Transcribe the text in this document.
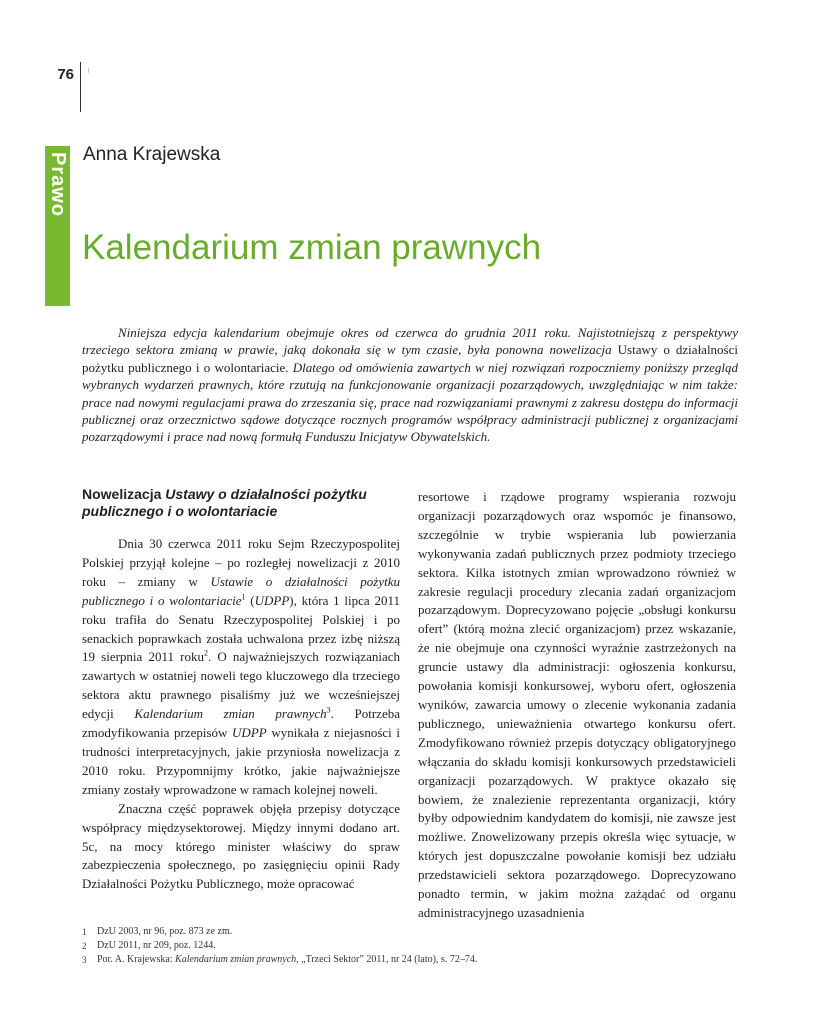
76
Prawo Anna Krajewska
Kalendarium zmian prawnych

Niniejsza edycja kalendarium obejmuje okres od czerwca do grudnia 2011 roku. Najistotniejszą z perspektywy trzeciego sektora zmianą w prawie, jaką dokonała się w tym czasie, była ponowna nowelizacja Ustawy o działalności pożytku publicznego i o wolontariacie. Dlatego od omówienia zawartych w niej rozwiązań rozpoczniemy poniższy przegląd wybranych wydarzeń prawnych, które rzutują na funkcjonowanie organizacji pozarządowych, uwzględniając w nim także: prace nad nowymi regulacjami prawa do zrzeszania się, prace nad rozwiązaniami prawnymi z zakresu dostępu do informacji publicznej oraz orzecznictwo sądowe dotyczące rocznych programów współpracy administracji publicznej z organizacjami pozarządowymi i prace nad nową formułą Funduszu Inicjatyw Obywatelskich.

Nowelizacja Ustawy o działalności pożytku publicznego i o wolontariacie

Dnia 30 czerwca 2011 roku Sejm Rzeczypospolitej Polskiej przyjął kolejne – po rozległej nowelizacji z 2010 roku – zmiany w Ustawie o działalności pożytku publicznego i o wolontariacie$^1$ (UDPP), która 1 lipca 2011 roku trafiła do Senatu Rzeczypospolitej Polskiej i po senackich poprawkach została uchwalona przez izbę niższą 19 sierpnia 2011 roku$^2$. O najważniejszych rozwiązaniach zawartych w ostatniej noweli tego kluczowego dla trzeciego sektora aktu prawnego pisaliśmy już we wcześniejszej edycji Kalendarium zmian prawnych$^3$. Potrzeba zmodyfikowania przepisów UDPP wynikała z niejasności i trudności interpretacyjnych, jakie przyniosła nowelizacja z 2010 roku. Przypomnijmy krótko, jakie najważniejsze zmiany zostały wprowadzone w ramach kolejnej noweli.

Znaczna część poprawek objęła przepisy dotyczące współpracy międzysektorowej. Między innymi dodano art. 5c, na mocy którego minister właściwy do spraw zabezpieczenia społecznego, po zasięgnięciu opinii Rady Działalności Pożytku Publicznego, może opracować

resortowe i rządowe programy wspierania rozwoju organizacji pozarządowych oraz wspomóc je finansowo, szczególnie w trybie wspierania lub powierzania wykonywania zadań publicznych przez podmioty trzeciego sektora. Kilka istotnych zmian wprowadzono również w zakresie regulacji procedury zlecania zadań organizacjom pozarządowym. Doprecyzowano pojęcie „obsługi konkursu ofert” (którą można zlecić organizacjom) przez wskazanie, że nie obejmuje ona czynności wyraźnie zastrzeżonych na gruncie ustawy dla administracji: ogłoszenia konkursu, powołania komisji konkursowej, wyboru ofert, ogłoszenia wyników, zawarcia umowy o zlecenie wykonania zadania publicznego, unieważnienia otwartego konkursu ofert. Zmodyfikowano również przepis dotyczący obligatoryjnego włączania do składu komisji konkursowych przedstawicieli organizacji pozarządowych. W praktyce okazało się bowiem, że znalezienie reprezentanta organizacji, który byłby odpowiednim kandydatem do komisji, nie zawsze jest możliwe. Znowelizowany przepis określa więc sytuacje, w których jest dopuszczalne powołanie komisji bez udziału przedstawicieli sektora pozarządowego. Doprecyzowano ponadto termin, w jakim można zażądać od organu administracyjnego uzasadnienia

1	DzU 2003, nr 96, poz. 873 ze zm.
2	DzU 2011, nr 209, poz. 1244.
3	Por. A. Krajewska: Kalendarium zmian prawnych, „Trzeci Sektor” 2011, nr 24 (lato), s. 72–74.
